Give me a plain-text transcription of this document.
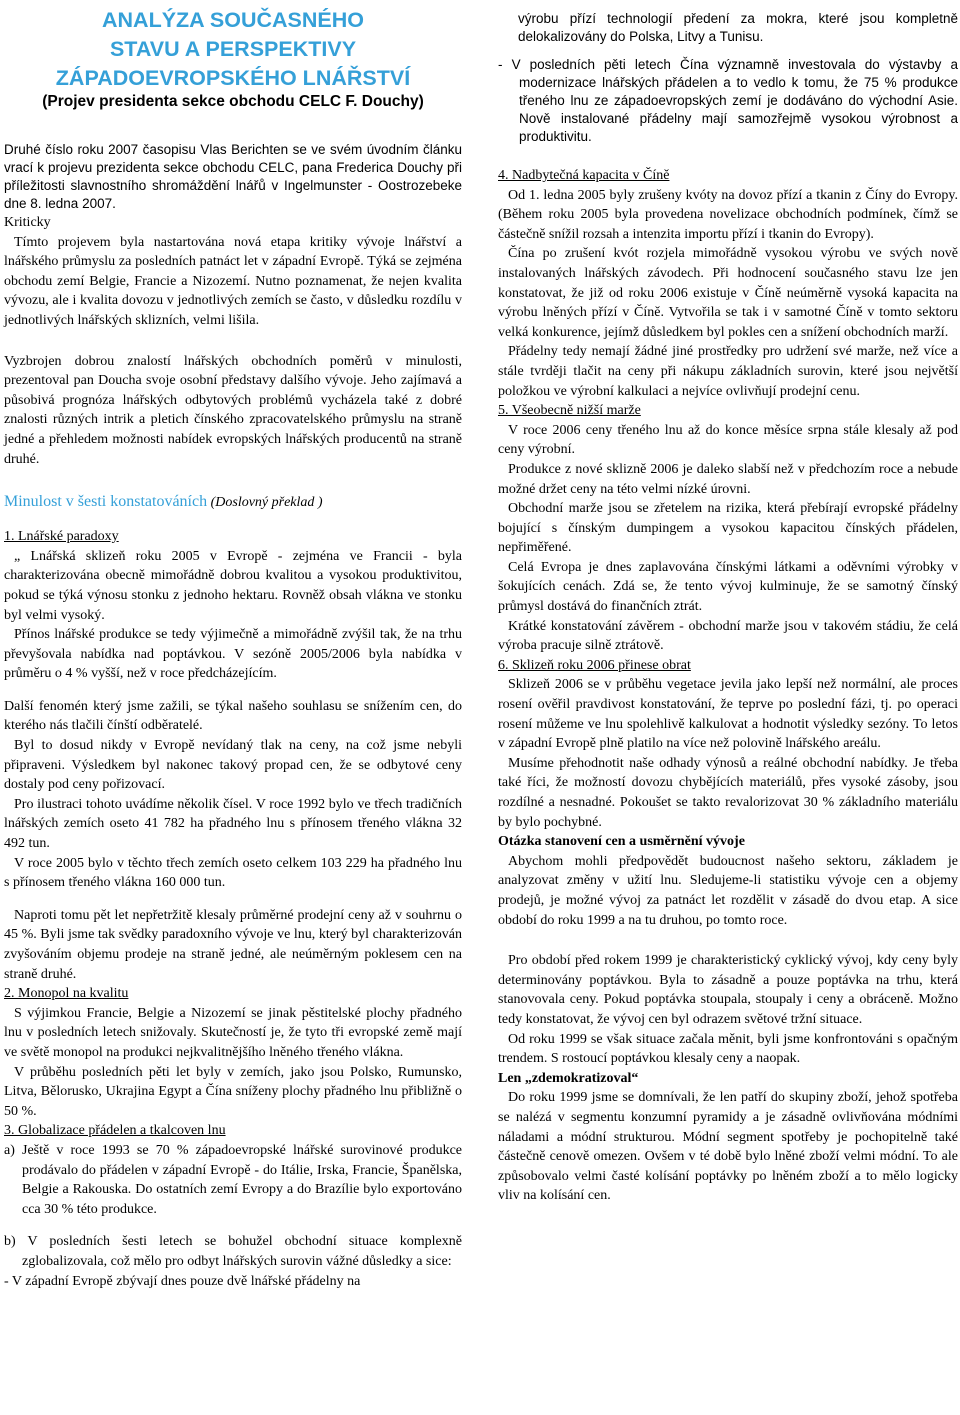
ANALÝZA SOUČASNÉHO
STAVU A PERSPEKTIVY
ZÁPADOEVROPSKÉHO LNÁŘSTVÍ
(Projev presidenta sekce obchodu CELC F. Douchy)

Druhé číslo roku 2007 časopisu Vlas Berichten se ve svém úvodním článku vrací k projevu prezidenta sekce obchodu CELC, pana Frederica Douchy při příležitosti slavnostního shromáždění lnářů v Ingelmunster - Oostrozebeke dne 8. ledna 2007.

Kriticky

Tímto projevem byla nastartována nová etapa kritiky vývoje lnářství a lnářského průmyslu za posledních patnáct let v západní Evropě. Týká se zejména obchodu zemí Belgie, Francie a Nizozemí. Nutno poznamenat, že nejen kvalita vývozu, ale i kvalita dovozu v jednotlivých zemích se často, v důsledku rozdílu v jednotlivých lnářských sklizních, velmi lišila.

Vyzbrojen dobrou znalostí lnářských obchodních poměrů v minulosti, prezentoval pan Doucha svoje osobní představy dalšího vývoje. Jeho zajímavá a působivá prognóza lnářských odbytových problémů vycházela také z dobré znalosti různých intrik a pletich čínského zpracovatelského průmyslu na straně jedné a přehledem možnosti nabídek evropských lnářských producentů na straně druhé.

Minulost v šesti konstatováních (Doslovný překlad )

1. Lnářské paradoxy

„ Lnářská sklizeň roku 2005 v Evropě - zejména ve Francii - byla charakterizována obecně mimořádně dobrou kvalitou a vysokou produktivitou, pokud se týká výnosu stonku z jednoho hektaru. Rovněž obsah vlákna ve stonku byl velmi vysoký.

Přínos lnářské produkce se tedy výjimečně a mimořádně zvýšil tak, že na trhu převyšovala nabídka nad poptávkou. V sezóně 2005/2006 byla nabídka v průměru o 4 % vyšší, než v roce předcházejícím.

Další fenomén který jsme zažili, se týkal našeho souhlasu se snížením cen, do kterého nás tlačili čínští odběratelé.

Byl to dosud nikdy v Evropě nevídaný tlak na ceny, na což jsme nebyli připraveni. Výsledkem byl nakonec takový propad cen, že se odbytové ceny dostaly pod ceny pořizovací.

Pro ilustraci tohoto uvádíme několik čísel. V roce 1992 bylo ve třech tradičních lnářských zemích oseto 41 782 ha přadného lnu s přínosem třeného vlákna 32 492 tun.

V roce 2005 bylo v těchto třech zemích oseto celkem 103 229 ha přadného lnu s přínosem třeného vlákna 160 000 tun.

Naproti tomu pět let nepřetržitě klesaly průměrné prodejní ceny až v souhrnu o 45 %. Byli jsme tak svědky paradoxního vývoje ve lnu, který byl charakterizován zvyšováním objemu prodeje na straně jedné, ale neúměrným poklesem cen na straně druhé.

2. Monopol na kvalitu

S výjimkou Francie, Belgie a Nizozemí se jinak pěstitelské plochy přadného lnu v posledních letech snižovaly. Skutečností je, že tyto tři evropské země mají ve světě monopol na produkci nejkvalitnějšího lněného třeného vlákna.

V průběhu posledních pěti let byly v zemích, jako jsou Polsko, Rumunsko, Litva, Bělorusko, Ukrajina Egypt a Čína sníženy plochy přadného lnu přibližně o 50 %.

3. Globalizace přádelen a tkalcoven lnu

a) Ještě v roce 1993 se 70 % západoevropské lnářské surovinové produkce prodávalo do přádelen v západní Evropě - do Itálie, Irska, Francie, Španělska, Belgie a Rakouska. Do ostatních zemí Evropy a do Brazílie bylo exportováno cca 30 % této produkce.

b) V posledních šesti letech se bohužel obchodní situace komplexně zglobalizovala, což mělo pro odbyt lnářských surovin vážné důsledky a sice:

- V západní Evropě zbývají dnes pouze dvě lnářské přádelny na

výrobu přízí technologií předení za mokra, které jsou kompletně delokalizovány do Polska, Litvy a Tunisu.

- V posledních pěti letech Čína významně investovala do výstavby a modernizace lnářských přádelen a to vedlo k tomu, že 75 % produkce třeného lnu ze západoevropských zemí je dodáváno do východní Asie. Nově instalované přádelny mají samozřejmě vysokou výrobnost a produktivitu.

4. Nadbytečná kapacita v Číně

Od 1. ledna 2005 byly zrušeny kvóty na dovoz přízí a tkanin z Číny do Evropy. (Během roku 2005 byla provedena novelizace obchodních podmínek, čímž se částečně snížil rozsah a intenzita importu přízí i tkanin do Evropy).

Čína po zrušení kvót rozjela mimořádně vysokou výrobu ve svých nově instalovaných lnářských závodech. Při hodnocení současného stavu lze jen konstatovat, že již od roku 2006 existuje v Číně neúměrně vysoká kapacita na výrobu lněných přízí v Číně. Vytvořila se tak i v samotné Číně v tomto sektoru velká konkurence, jejímž důsledkem byl pokles cen a snížení obchodních marží.

Přádelny tedy nemají žádné jiné prostředky pro udržení své marže, než více a stále tvrději tlačit na ceny při nákupu základních surovin, které jsou největší položkou ve výrobní kalkulaci a nejvíce ovlivňují prodejní cenu.

5. Všeobecně nižší marže

V roce 2006 ceny třeného lnu až do konce měsíce srpna stále klesaly až pod ceny výrobní.

Produkce z nové sklizně 2006 je daleko slabší než v předchozím roce a nebude možné držet ceny na této velmi nízké úrovni.

Obchodní marže jsou se zřetelem na rizika, která přebírají evropské přádelny bojující s čínským dumpingem a vysokou kapacitou čínských přádelen, nepřiměřené.

Celá Evropa je dnes zaplavována čínskými látkami a oděvními výrobky v šokujících cenách. Zdá se, že tento vývoj kulminuje, že se samotný čínský průmysl dostává do finančních ztrát.

Krátké konstatování závěrem - obchodní marže jsou v takovém stádiu, že celá výroba pracuje silně ztrátově.

6. Sklizeň roku 2006 přinese obrat

Sklizeň 2006 se v průběhu vegetace jevila jako lepší než normální, ale proces rosení ověřil pravdivost konstatování, že teprve po poslední fázi, tj. po operaci rosení můžeme ve lnu spolehlivě kalkulovat a hodnotit výsledky sezóny. To letos v západní Evropě plně platilo na více než polovině lnářského areálu.

Musíme přehodnotit naše odhady výnosů a reálné obchodní nabídky. Je třeba také říci, že možností dovozu chybějících materiálů, přes vysoké zásoby, jsou rozdílné a nesnadné. Pokoušet se takto revalorizovat 30 % základního materiálu by bylo pochybné.

Otázka stanovení cen a usměrnění vývoje

Abychom mohli předpovědět budoucnost našeho sektoru, základem je analyzovat změny v užití lnu. Sledujeme-li statistiku vývoje cen a objemy prodejů, je možné vývoj za patnáct let rozdělit v zásadě do dvou etap. A sice období do roku 1999 a na tu druhou, po tomto roce.

Pro období před rokem 1999 je charakteristický cyklický vývoj, kdy ceny byly determinovány poptávkou. Byla to zásadně a pouze poptávka na trhu, která stanovovala ceny. Pokud poptávka stoupala, stoupaly i ceny a obráceně. Možno tedy konstatovat, že vývoj cen byl odrazem světové tržní situace.

Od roku 1999 se však situace začala měnit, byli jsme konfrontováni s opačným trendem. S rostoucí poptávkou klesaly ceny a naopak.

Len „zdemokratizoval“

Do roku 1999 jsme se domnívali, že len patří do skupiny zboží, jehož spotřeba se nalézá v segmentu konzumní pyramidy a je zásadně ovlivňována módními náladami a módní strukturou. Módní segment spotřeby je pochopitelně také částečně cenově omezen. Ovšem v té době bylo lněné zboží velmi módní. To ale způsobovalo velmi časté kolísání poptávky po lněném zboží a to mělo logicky vliv na kolísání cen.
